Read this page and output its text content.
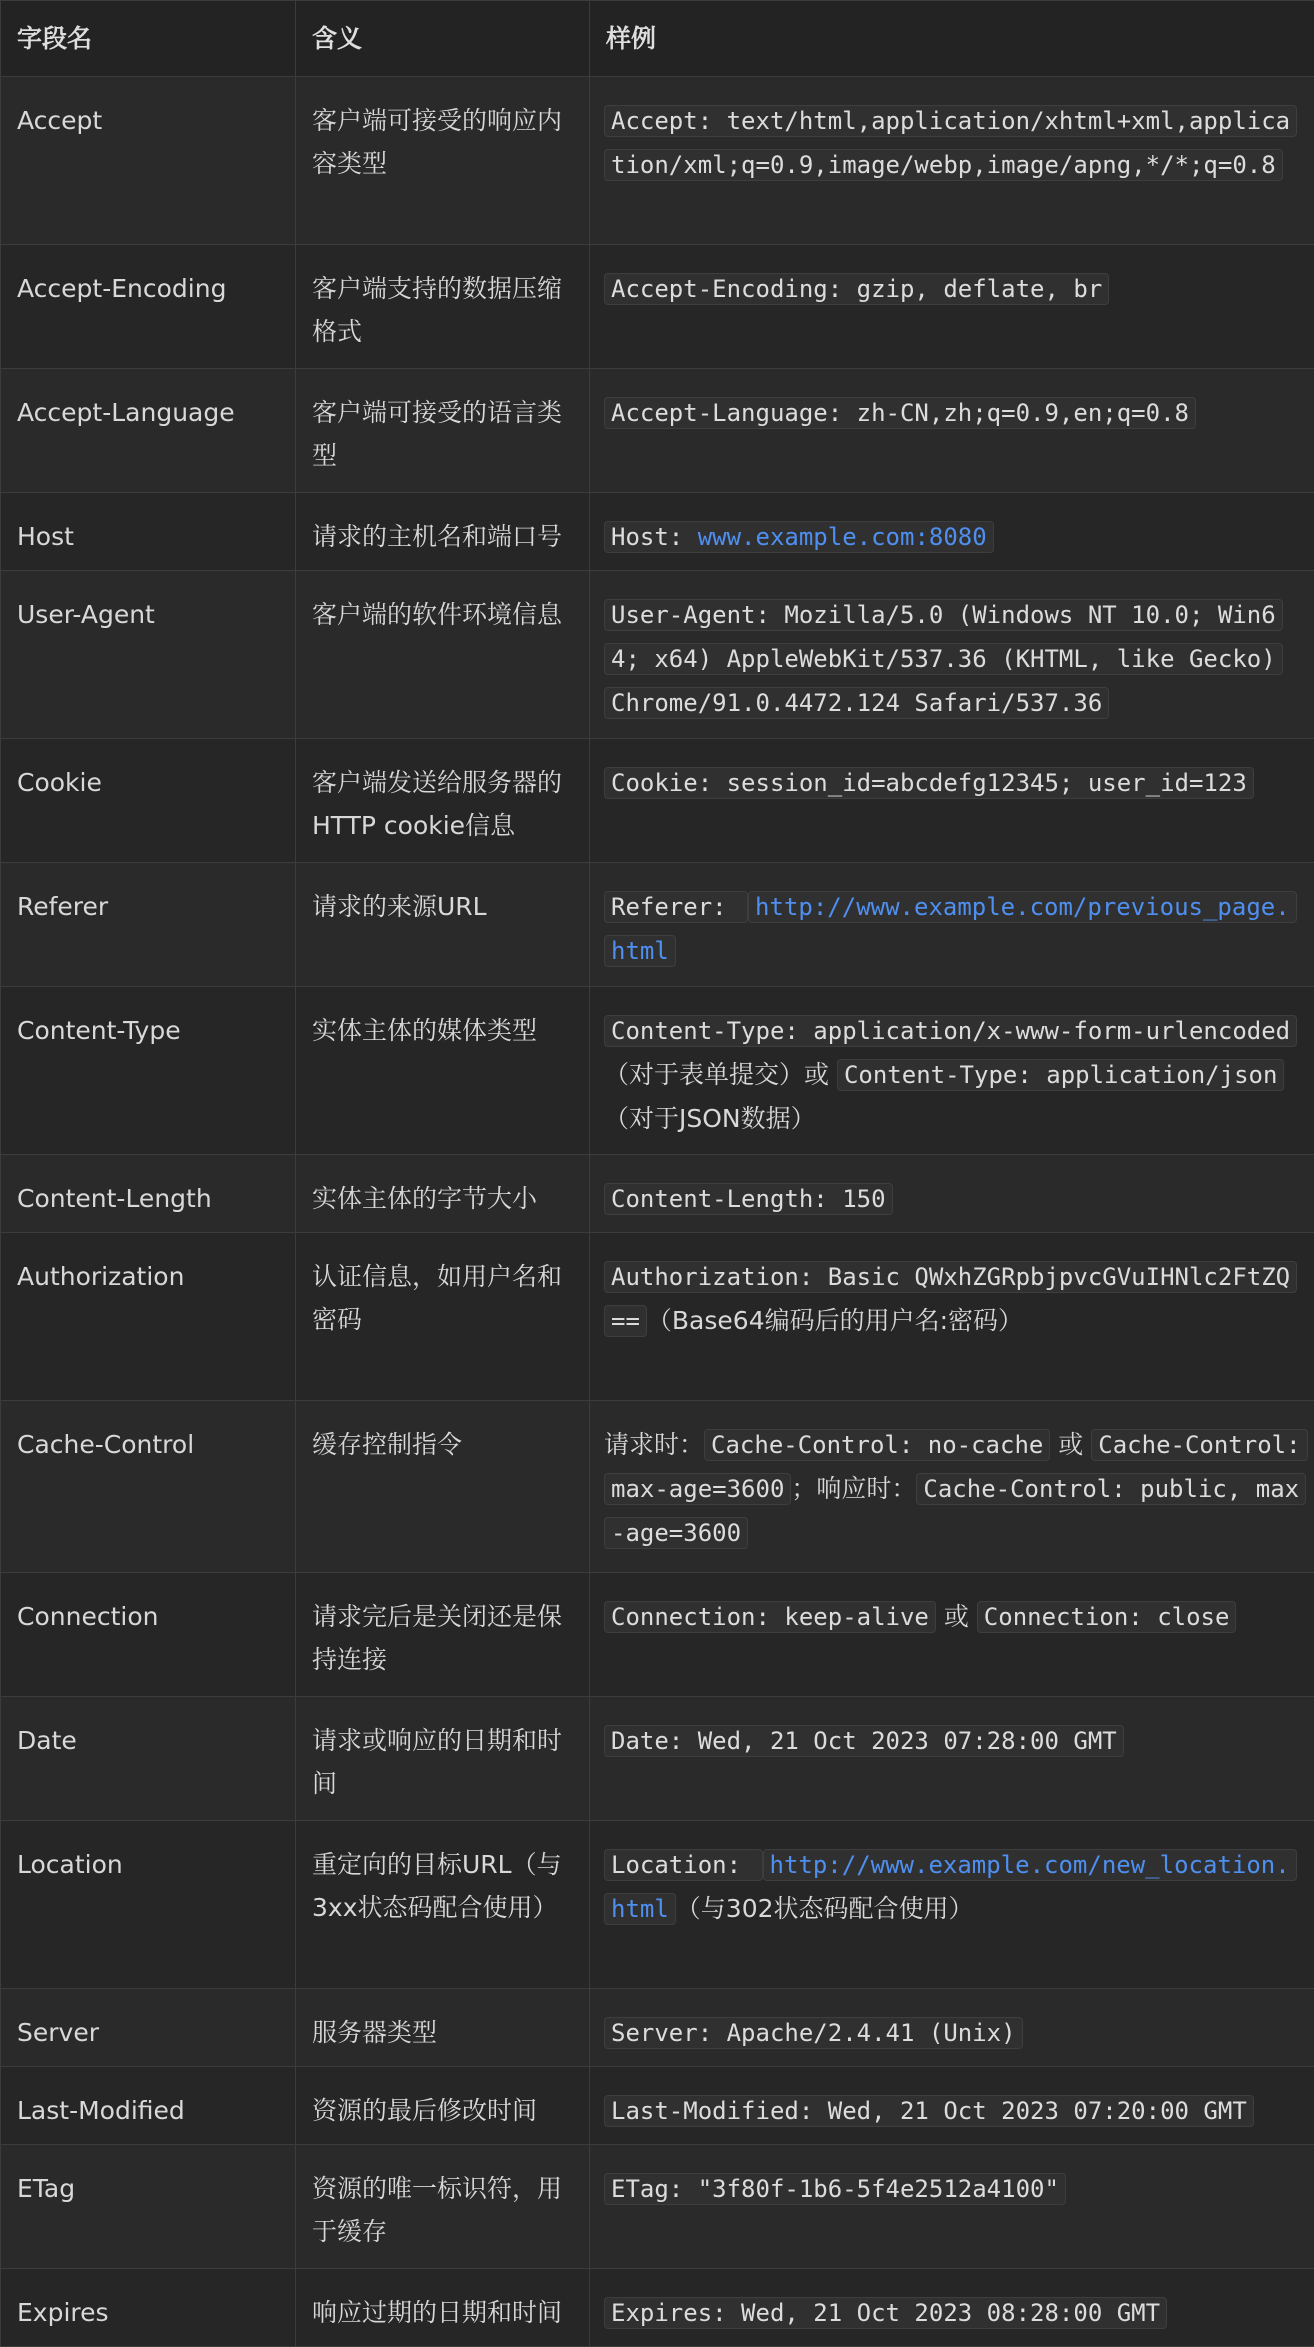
字段名	含义	样例
Accept	客户端可接受的响应内容类型	Accept: text/html,application/xhtml+xml,application/xml;q=0.9,image/webp,image/apng,*/*;q=0.8
Accept-Encoding	客户端支持的数据压缩格式	Accept-Encoding: gzip, deflate, br
Accept-Language	客户端可接受的语言类型	Accept-Language: zh-CN,zh;q=0.9,en;q=0.8
Host	请求的主机名和端口号	Host: www.example.com:8080
User-Agent	客户端的软件环境信息	User-Agent: Mozilla/5.0 (Windows NT 10.0; Win64; x64) AppleWebKit/537.36 (KHTML, like Gecko) Chrome/91.0.4472.124 Safari/537.36
Cookie	客户端发送给服务器的HTTP cookie信息	Cookie: session_id=abcdefg12345; user_id=123
Referer	请求的来源URL	Referer: http://www.example.com/previous_page.html
Content-Type	实体主体的媒体类型	Content-Type: application/x-www-form-urlencoded（对于表单提交）或 Content-Type: application/json（对于JSON数据）
Content-Length	实体主体的字节大小	Content-Length: 150
Authorization	认证信息，如用户名和密码	Authorization: Basic QWxhZGRpbjpvcGVuIHNlc2FtZQ== （Base64编码后的用户名:密码）
Cache-Control	缓存控制指令	请求时： Cache-Control: no-cache 或 Cache-Control: max-age=3600 ；响应时： Cache-Control: public, max-age=3600
Connection	请求完后是关闭还是保持连接	Connection: keep-alive 或 Connection: close
Date	请求或响应的日期和时间	Date: Wed, 21 Oct 2023 07:28:00 GMT
Location	重定向的目标URL（与3xx状态码配合使用）	Location: http://www.example.com/new_location.html （与302状态码配合使用）
Server	服务器类型	Server: Apache/2.4.41 (Unix)
Last-Modified	资源的最后修改时间	Last-Modified: Wed, 21 Oct 2023 07:20:00 GMT
ETag	资源的唯一标识符，用于缓存	ETag: "3f80f-1b6-5f4e2512a4100"
Expires	响应过期的日期和时间	Expires: Wed, 21 Oct 2023 08:28:00 GMT
